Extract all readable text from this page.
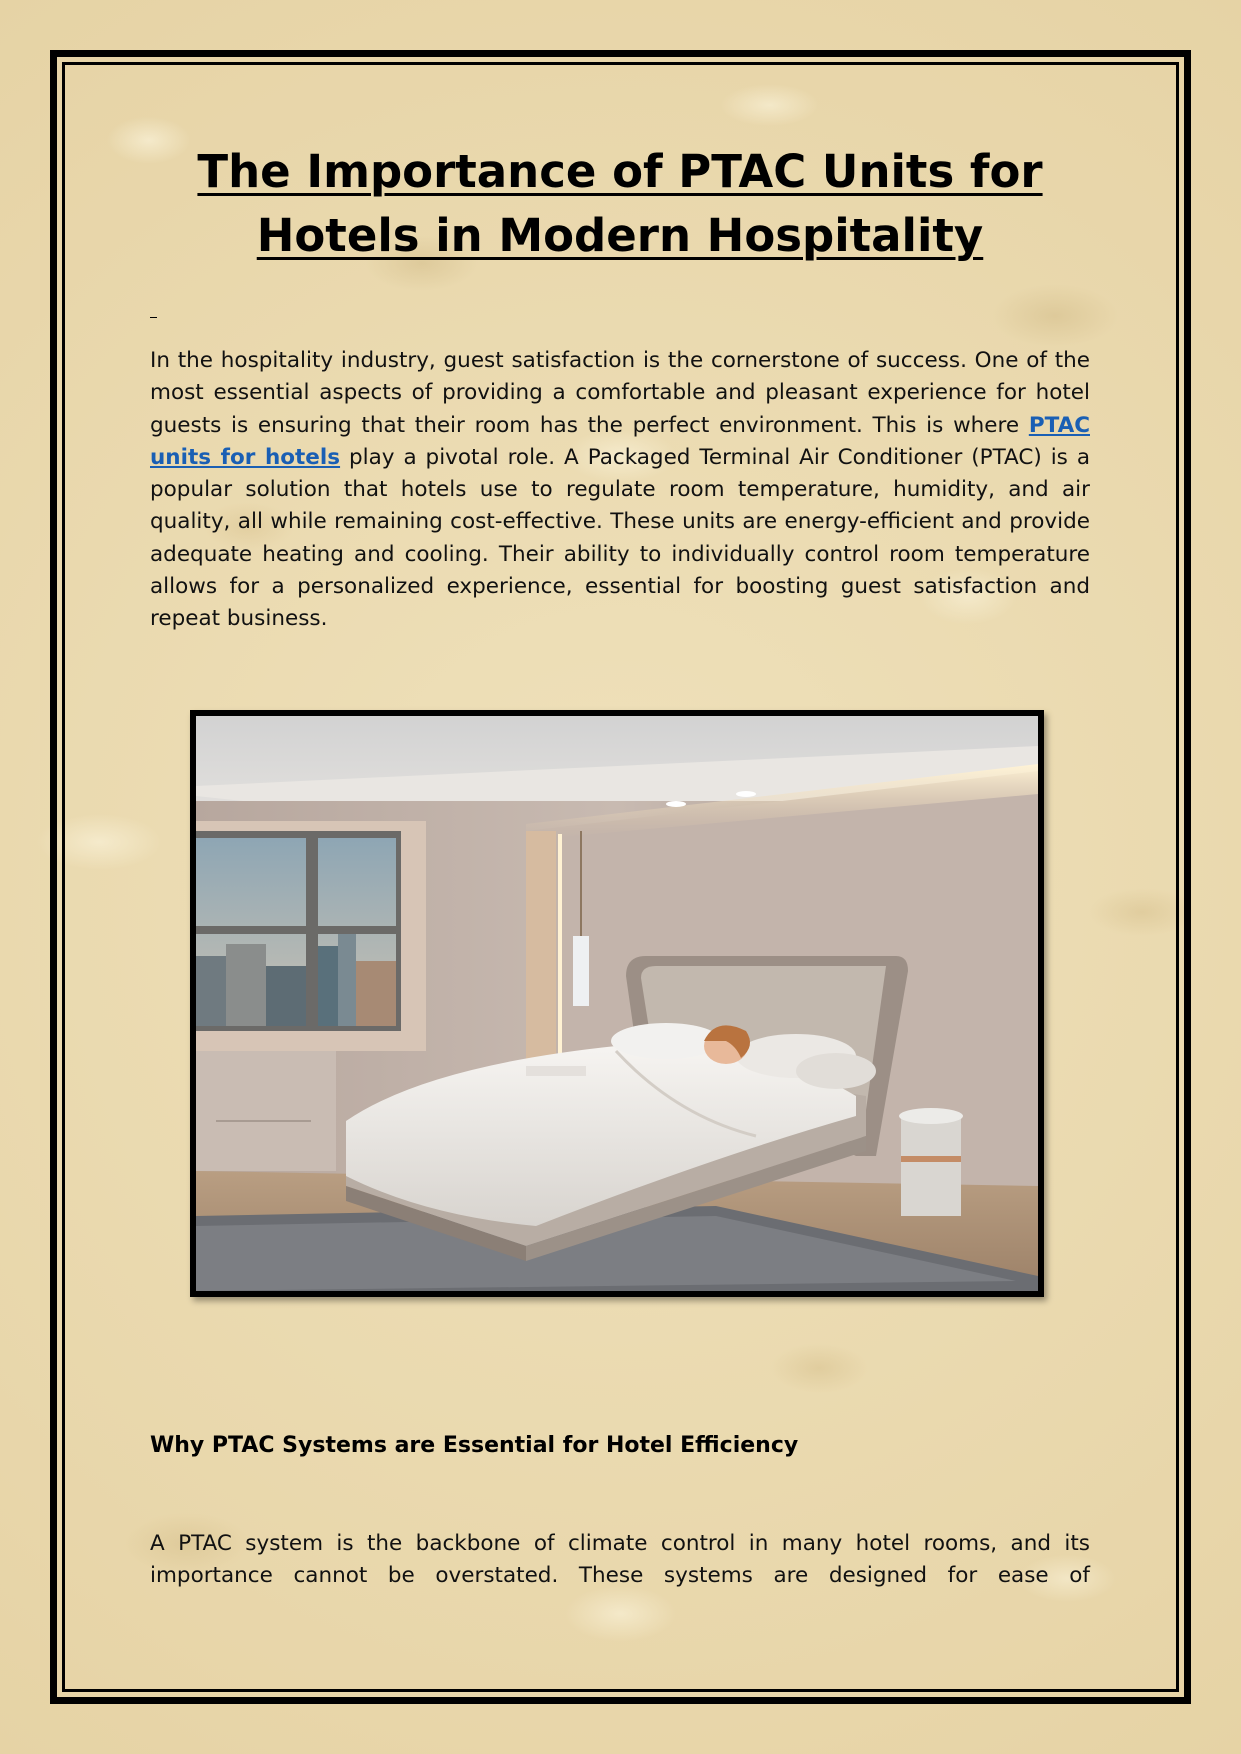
The Importance of PTAC Units for Hotels in Modern Hospitality

In the hospitality industry, guest satisfaction is the cornerstone of success. One of the most essential aspects of providing a comfortable and pleasant experience for hotel guests is ensuring that their room has the perfect environment. This is where PTAC units for hotels play a pivotal role. A Packaged Terminal Air Conditioner (PTAC) is a popular solution that hotels use to regulate room temperature, humidity, and air quality, all while remaining cost-effective. These units are energy-efficient and provide adequate heating and cooling. Their ability to individually control room temperature allows for a personalized experience, essential for boosting guest satisfaction and repeat business.

Why PTAC Systems are Essential for Hotel Efficiency

A PTAC system is the backbone of climate control in many hotel rooms, and its importance cannot be overstated. These systems are designed for ease of
